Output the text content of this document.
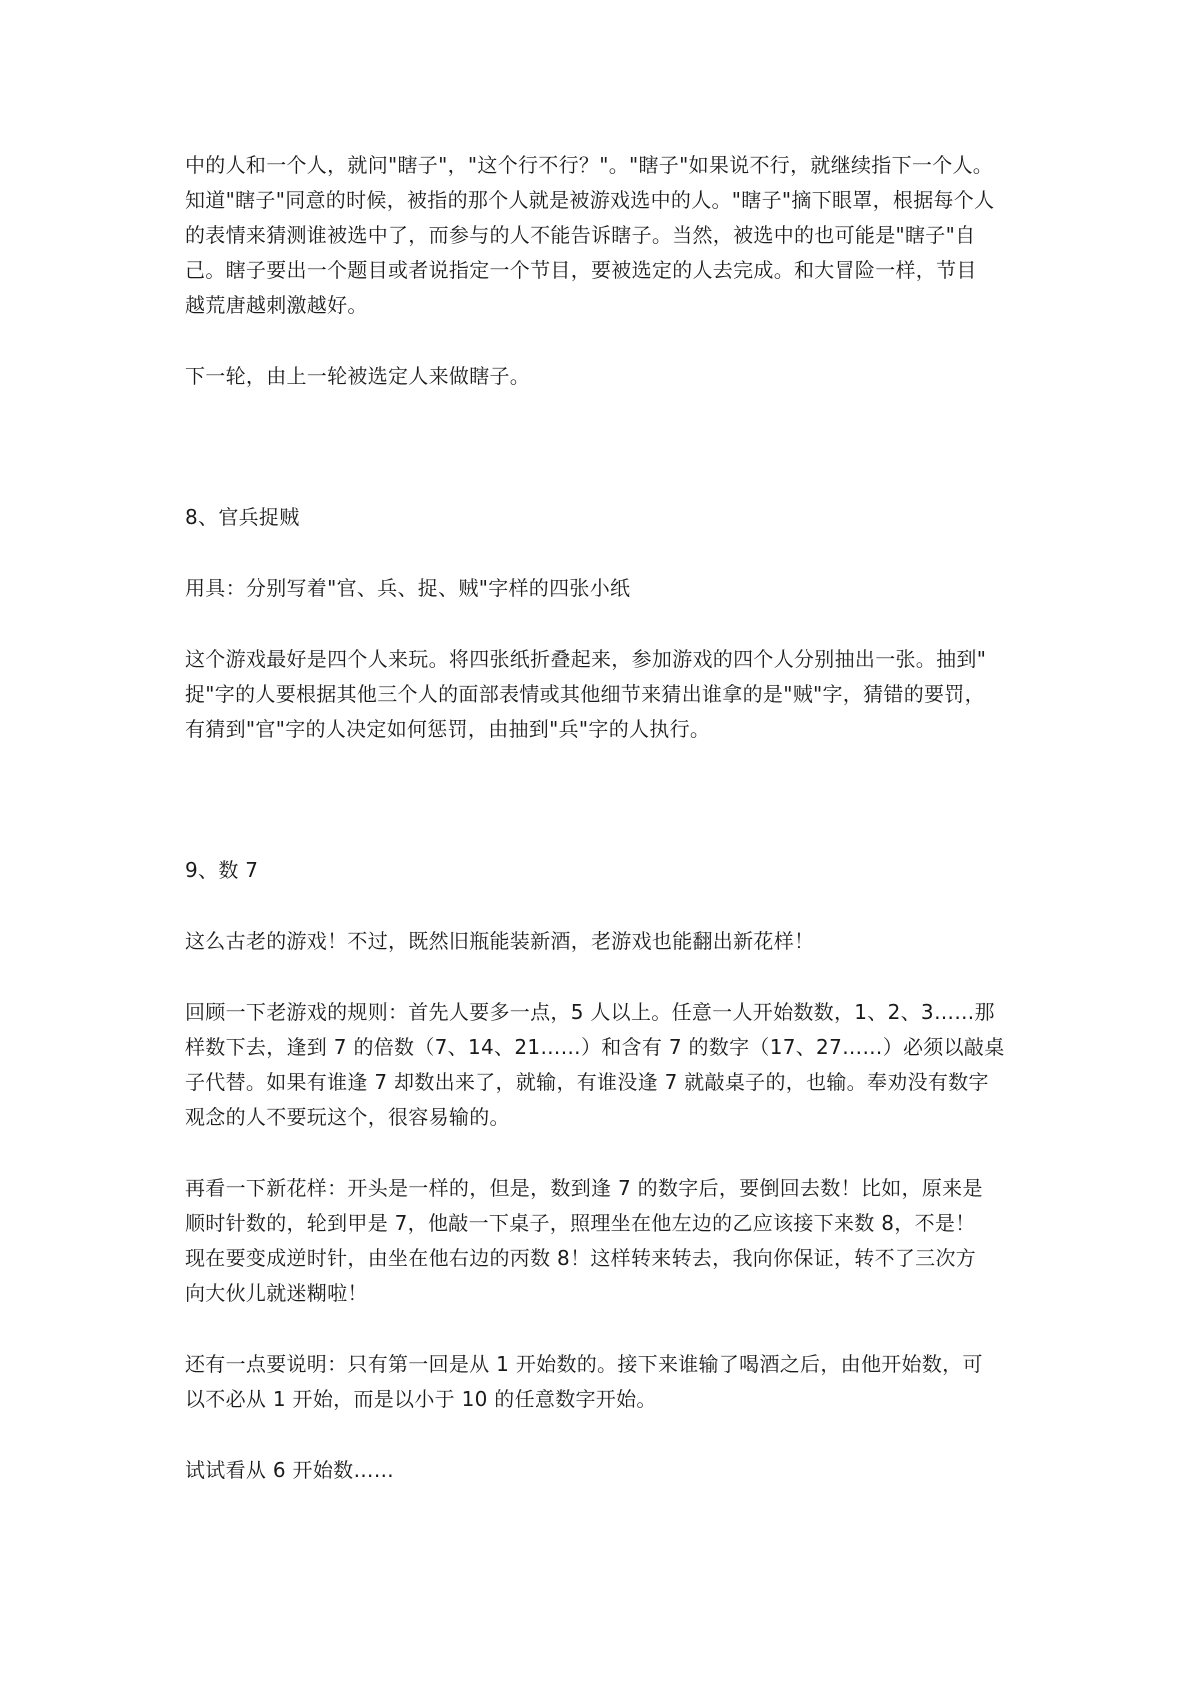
中的人和一个人，就问"瞎子"，"这个行不行？"。"瞎子"如果说不行，就继续指下一个人。
知道"瞎子"同意的时候，被指的那个人就是被游戏选中的人。"瞎子"摘下眼罩，根据每个人
的表情来猜测谁被选中了，而参与的人不能告诉瞎子。当然，被选中的也可能是"瞎子"自
己。瞎子要出一个题目或者说指定一个节目，要被选定的人去完成。和大冒险一样，节目
越荒唐越刺激越好。

下一轮，由上一轮被选定人来做瞎子。

8、官兵捉贼

用具：分别写着"官、兵、捉、贼"字样的四张小纸

这个游戏最好是四个人来玩。将四张纸折叠起来，参加游戏的四个人分别抽出一张。抽到"
捉"字的人要根据其他三个人的面部表情或其他细节来猜出谁拿的是"贼"字，猜错的要罚，
有猜到"官"字的人决定如何惩罚，由抽到"兵"字的人执行。

9、数 7

这么古老的游戏！不过，既然旧瓶能装新酒，老游戏也能翻出新花样！

回顾一下老游戏的规则：首先人要多一点，5 人以上。任意一人开始数数，1、2、3……那
样数下去，逢到 7 的倍数（7、14、21……）和含有 7 的数字（17、27……）必须以敲桌
子代替。如果有谁逢 7 却数出来了，就输，有谁没逢 7 就敲桌子的，也输。奉劝没有数字
观念的人不要玩这个，很容易输的。

再看一下新花样：开头是一样的，但是，数到逢 7 的数字后，要倒回去数！比如，原来是
顺时针数的，轮到甲是 7，他敲一下桌子，照理坐在他左边的乙应该接下来数 8，不是！
现在要变成逆时针，由坐在他右边的丙数 8！这样转来转去，我向你保证，转不了三次方
向大伙儿就迷糊啦！

还有一点要说明：只有第一回是从 1 开始数的。接下来谁输了喝酒之后，由他开始数，可
以不必从 1 开始，而是以小于 10 的任意数字开始。

试试看从 6 开始数……
